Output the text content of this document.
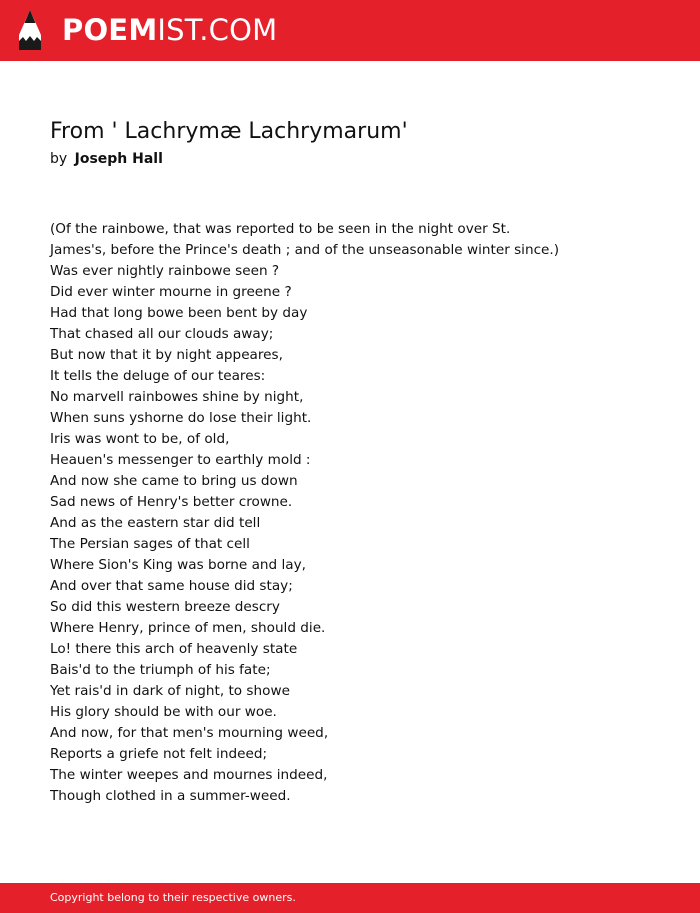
POEMIST.COM
From ' Lachrymæ Lachrymarum'
by Joseph Hall
(Of the rainbowe, that was reported to be seen in the night over St.
James's, before the Prince's death ; and of the unseasonable winter since.)
Was ever nightly rainbowe seen ?
Did ever winter mourne in greene ?
Had that long bowe been bent by day
That chased all our clouds away;
But now that it by night appeares,
It tells the deluge of our teares:
No marvell rainbowes shine by night,
When suns yshorne do lose their light.
Iris was wont to be, of old,
Heauen's messenger to earthly mold :
And now she came to bring us down
Sad news of Henry's better crowne.
And as the eastern star did tell
The Persian sages of that cell
Where Sion's King was borne and lay,
And over that same house did stay;
So did this western breeze descry
Where Henry, prince of men, should die.
Lo! there this arch of heavenly state
Bais'd to the triumph of his fate;
Yet rais'd in dark of night, to showe
His glory should be with our woe.
And now, for that men's mourning weed,
Reports a griefe not felt indeed;
The winter weepes and mournes indeed,
Though clothed in a summer-weed.
Copyright belong to their respective owners.
